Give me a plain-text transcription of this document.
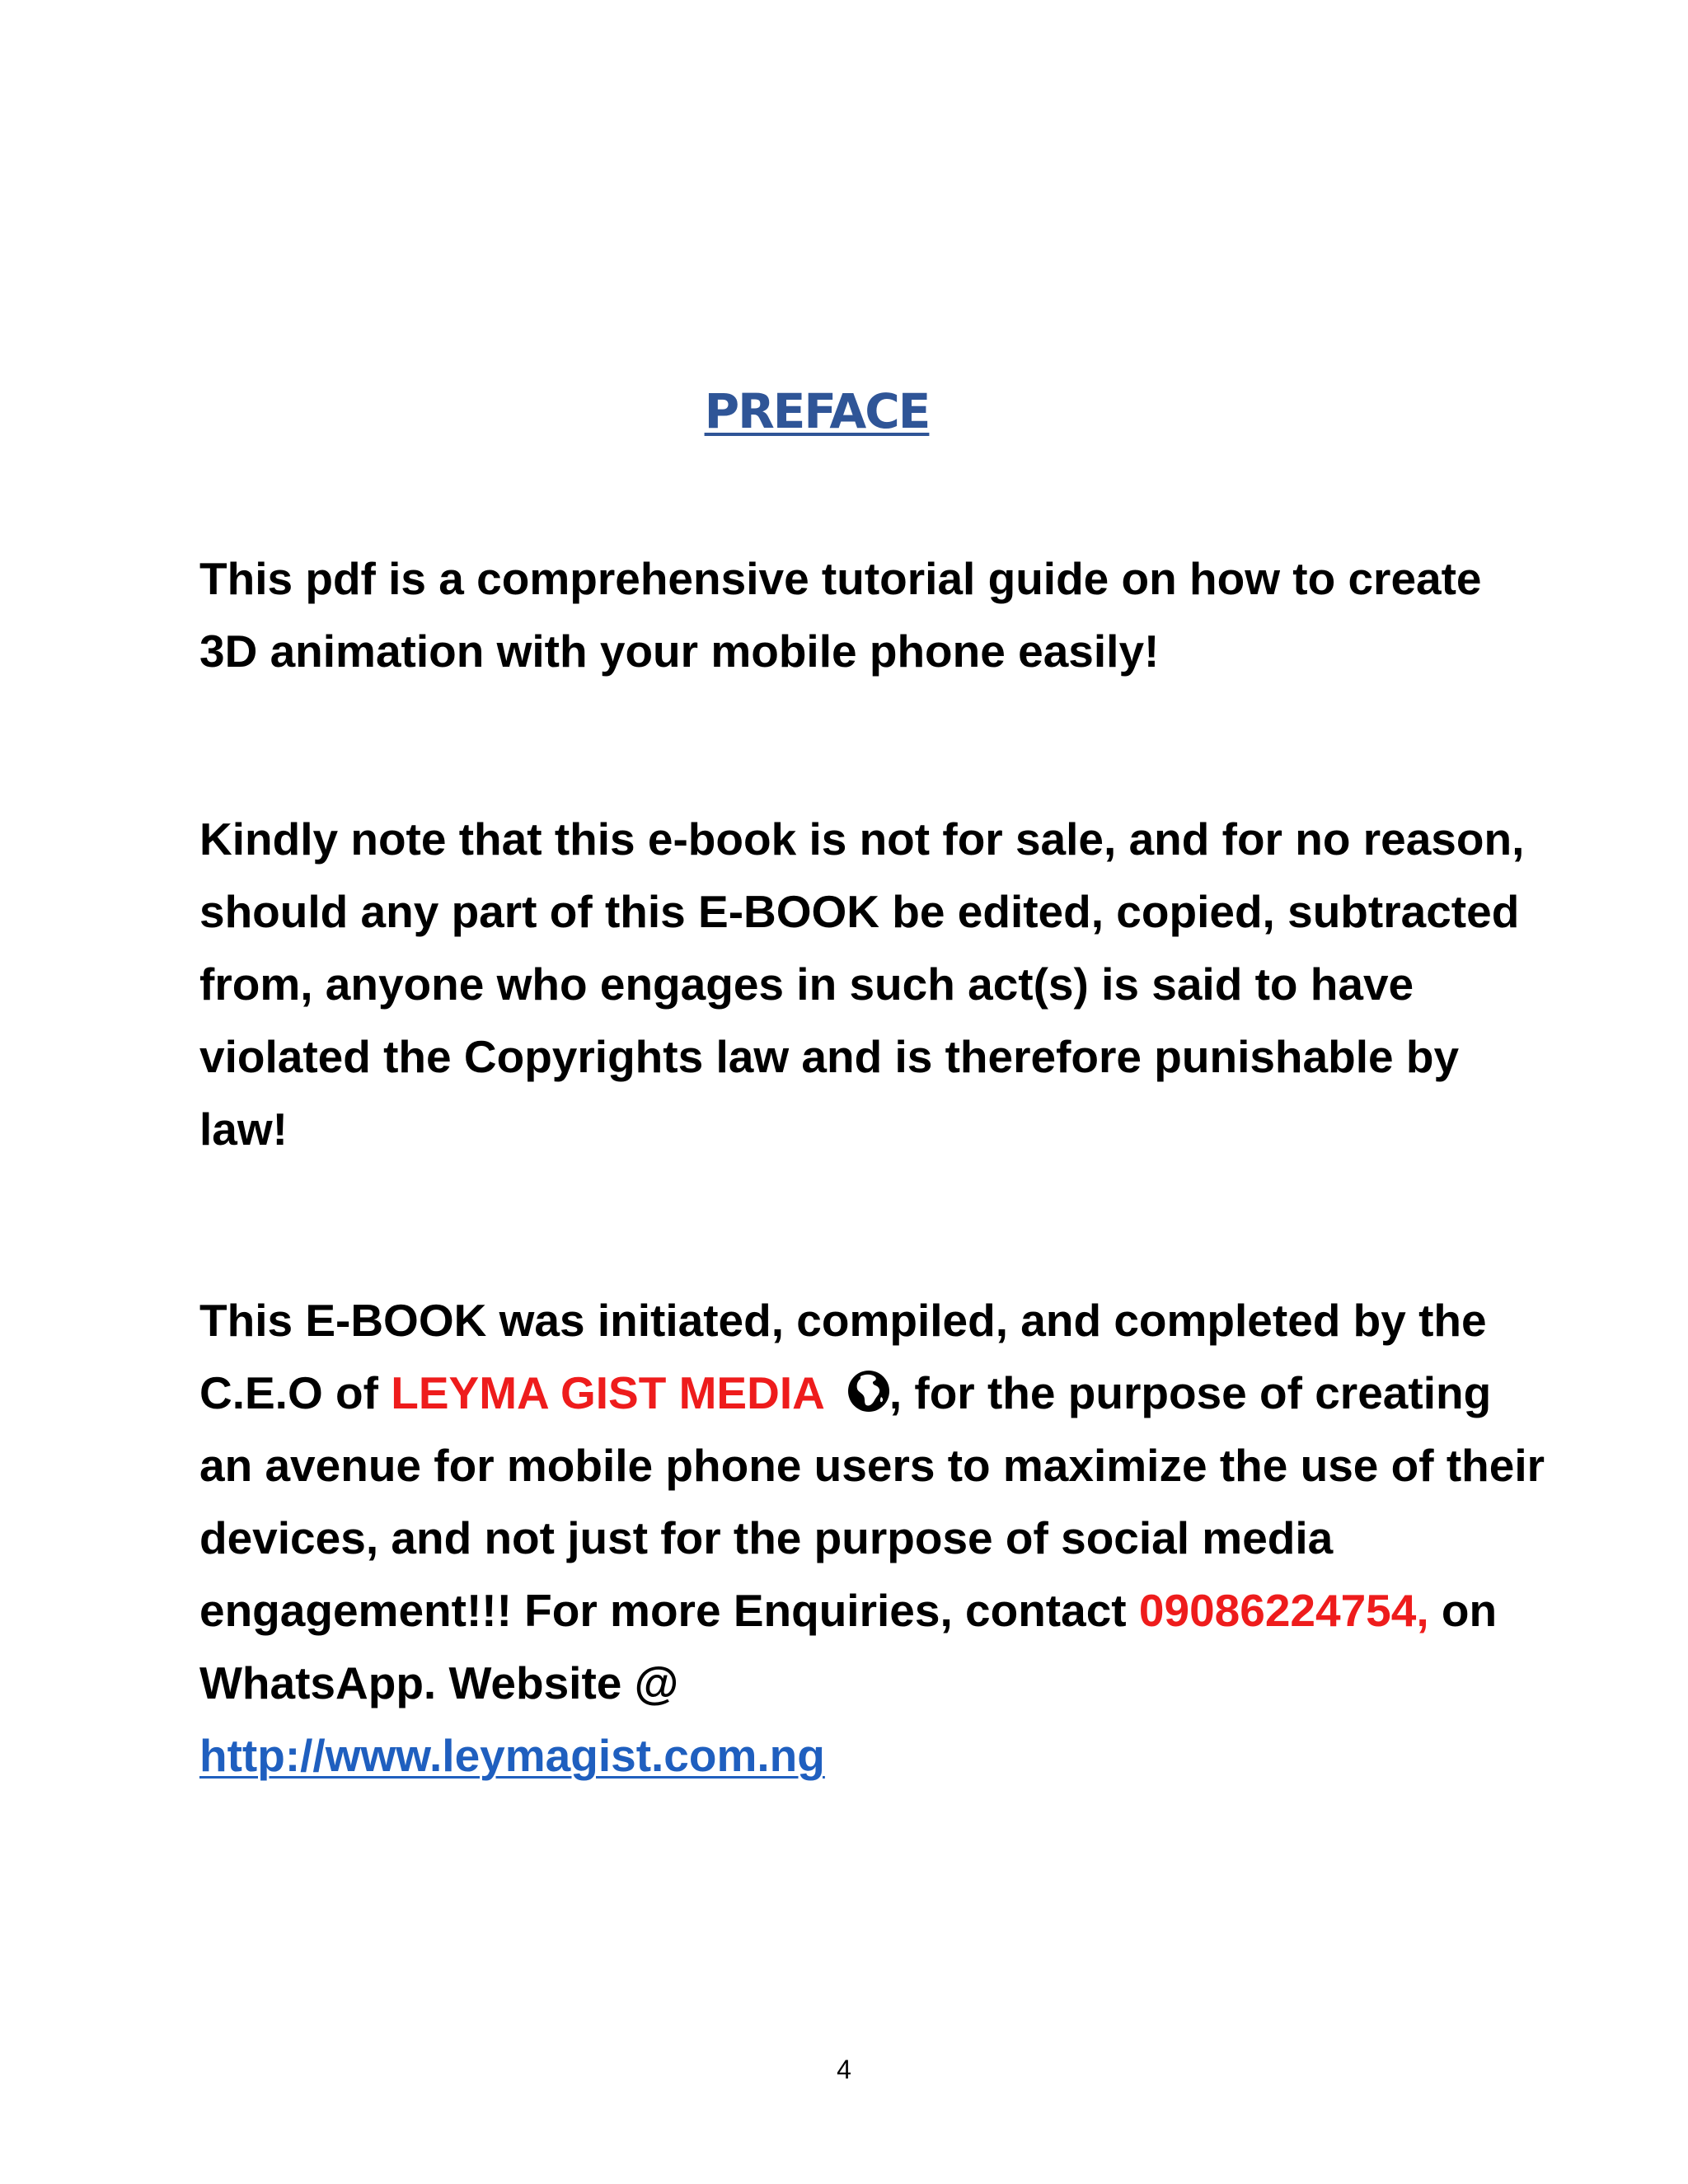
PREFACE

This pdf is a comprehensive tutorial guide on how to create 3D animation with your mobile phone easily!

Kindly note that this e-book is not for sale, and for no reason, should any part of this E-BOOK be edited, copied, subtracted from, anyone who engages in such act(s) is said to have violated the Copyrights law and is therefore punishable by law!

This E-BOOK was initiated, compiled, and completed by the C.E.O of LEYMA GIST MEDIA , for the purpose of creating an avenue for mobile phone users to maximize the use of their devices, and not just for the purpose of social media engagement!!! For more Enquiries, contact 09086224754, on WhatsApp. Website @
http://www.leymagist.com.ng

4
